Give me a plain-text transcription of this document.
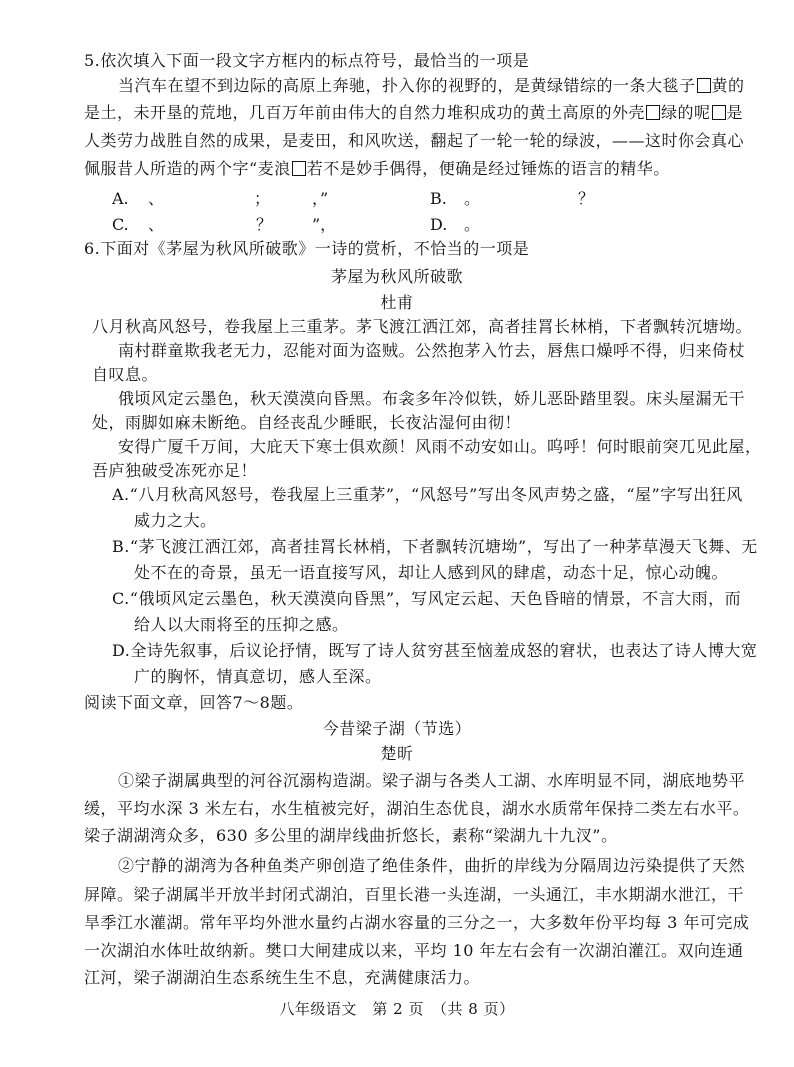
5.依次填入下面一段文字方框内的标点符号，最恰当的一项是

当汽车在望不到边际的高原上奔驰，扑入你的视野的，是黄绿错综的一条大毯子 黄的

是土，未开垦的荒地，几百万年前由伟大的自然力堆积成功的黄土高原的外壳 绿的呢 是

人类劳力战胜自然的成果，是麦田，和风吹送，翻起了一轮一轮的绿波，——这时你会真心

佩服昔人所造的两个字“麦浪 若不是妙手偶得，便确是经过锤炼的语言的精华。

A. 、	；	，”	B. 。	？
C. 、	？ ”，	D. 。

6.下面对《茅屋为秋风所破歌》一诗的赏析，不恰当的一项是

茅屋为秋风所破歌

杜甫

八月秋高风怒号，卷我屋上三重茅。茅飞渡江洒江郊，高者挂罥长林梢，下者飘转沉塘坳。

南村群童欺我老无力，忍能对面为盗贼。公然抱茅入竹去，唇焦口燥呼不得，归来倚杖

自叹息。

俄顷风定云墨色，秋天漠漠向昏黑。布衾多年冷似铁，娇儿恶卧踏里裂。床头屋漏无干

处，雨脚如麻未断绝。自经丧乱少睡眠，长夜沾湿何由彻！

安得广厦千万间，大庇天下寒士俱欢颜！风雨不动安如山。呜呼！何时眼前突兀见此屋，

吾庐独破受冻死亦足！

A.“八月秋高风怒号，卷我屋上三重茅”，“风怒号”写出冬风声势之盛，“屋”字写出狂风

威力之大。

B.“茅飞渡江洒江郊，高者挂罥长林梢，下者飘转沉塘坳”，写出了一种茅草漫天飞舞、无

处不在的奇景，虽无一语直接写风，却让人感到风的肆虐，动态十足，惊心动魄。

C.“俄顷风定云墨色，秋天漠漠向昏黑”，写风定云起、天色昏暗的情景，不言大雨，而

给人以大雨将至的压抑之感。

D.全诗先叙事，后议论抒情，既写了诗人贫穷甚至恼羞成怒的窘状，也表达了诗人博大宽

广的胸怀，情真意切，感人至深。

阅读下面文章，回答7～8题。

今昔梁子湖（节选）

楚昕

①梁子湖属典型的河谷沉溺构造湖。梁子湖与各类人工湖、水库明显不同，湖底地势平

缓，平均水深 3 米左右，水生植被完好，湖泊生态优良，湖水水质常年保持二类左右水平。

梁子湖湖湾众多，630 多公里的湖岸线曲折悠长，素称“梁湖九十九汊”。

②宁静的湖湾为各种鱼类产卵创造了绝佳条件，曲折的岸线为分隔周边污染提供了天然

屏障。梁子湖属半开放半封闭式湖泊，百里长港一头连湖，一头通江，丰水期湖水泄江，干

旱季江水灌湖。常年平均外泄水量约占湖水容量的三分之一，大多数年份平均每 3 年可完成

一次湖泊水体吐故纳新。樊口大闸建成以来，平均 10 年左右会有一次湖泊灌江。双向连通

江河，梁子湖湖泊生态系统生生不息，充满健康活力。

八年级语文　第 2 页　（共 8 页）
